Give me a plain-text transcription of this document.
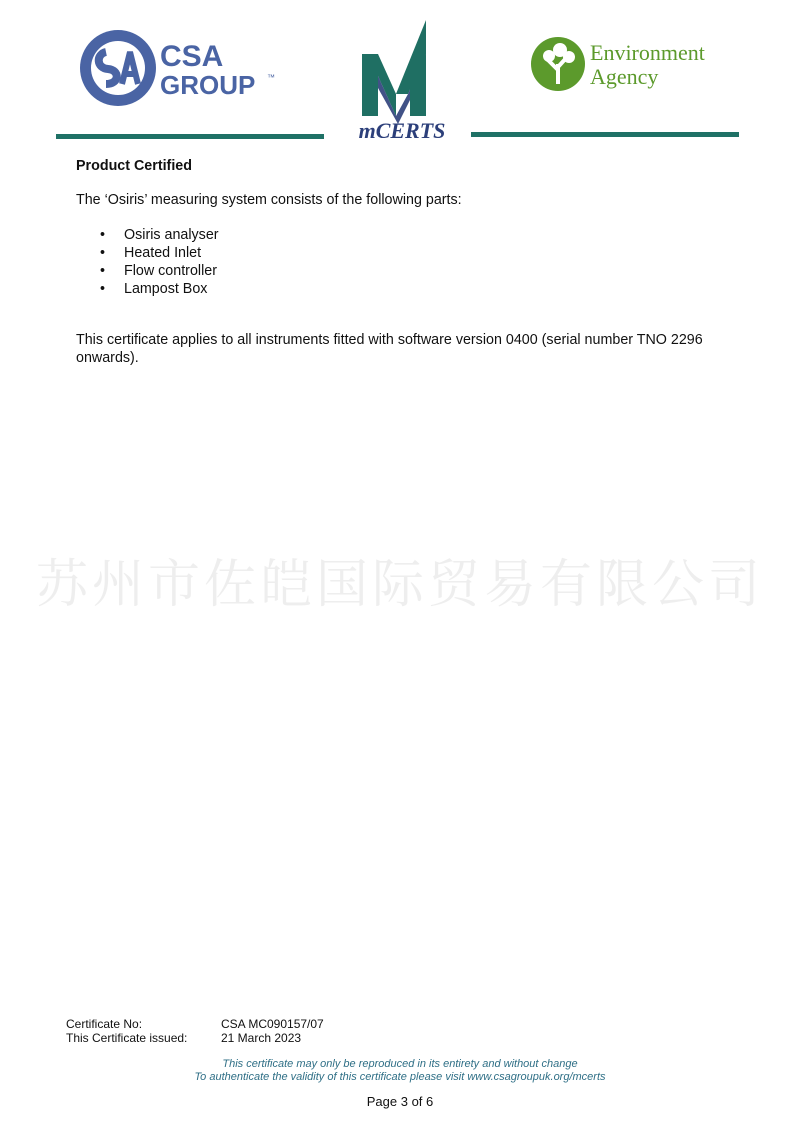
CSA
GROUP ™
mCERTS
Environment
Agency
Product Certified
The ‘Osiris’ measuring system consists of the following parts:
• Osiris analyser
• Heated Inlet
• Flow controller
• Lampost Box
This certificate applies to all instruments fitted with software version 0400 (serial number TNO 2296
onwards).
苏州市佐皑国际贸易有限公司
Certificate No:	CSA MC090157/07
This Certificate issued:	21 March 2023
This certificate may only be reproduced in its entirety and without change
To authenticate the validity of this certificate please visit www.csagroupuk.org/mcerts
Page 3 of 6
